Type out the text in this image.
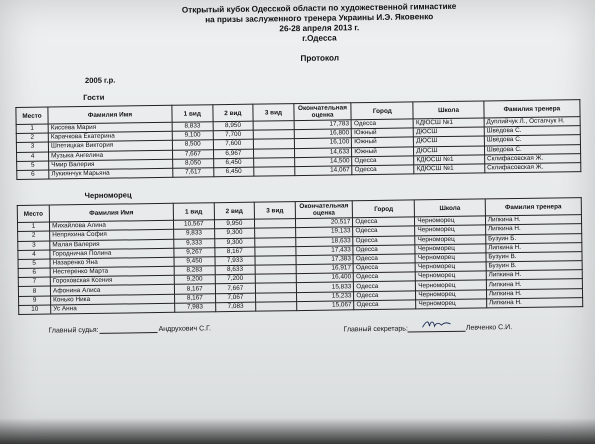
Открытый кубок Одесской области по художественной гимнастике
на призы заслуженного тренера Украины И.Э. Яковенко
26-28 апреля 2013 г.
г.Одесса
Протокол
2005 г.р.
Гости
Место	Фамилия Имя	1 вид	2 вид	3 вид	Окончательная
оценка	Город	Школа	Фамилия тренера
1	Киссева Мария	8,833	8,950		17,783	Одесса	КДЮСШ №1	Дуплийчук Л., Остапчук Н.
2	Карачкова Екатерина	9,100	7,700		16,800	Южный	ДЮСШ	Шведова С.
3	Шпетицкая Виктория	8,500	7,600		16,100	Южный	ДЮСШ	Шведова С.
4	Музыка Ангелина	7,667	6,967		14,633	Южный	ДЮСШ	Шведова С.
5	Чмир Валерия	8,050	6,450		14,500	Одесса	КДЮСШ №1	Склифасовская Ж.
6	Лукиянчук Марьяна	7,617	6,450		14,067	Одесса	КДЮСШ №1	Склифасовская Ж.
Черноморец
Место	Фамилия Имя	1 вид	2 вид	3 вид	Окончательная
оценка	Город	Школа	Фамилия тренера
1	Михайлова Алина	10,567	9,950		20,517	Одесса	Черноморец	Липкина Н.
2	Непряхина София	9,833	9,300		19,133	Одесса	Черноморец	Липкина Н.
3	Малая Валерия	9,333	9,300		18,633	Одесса	Черноморец	Бузуин Б.
4	Городничая Полина	9,267	8,167		17,433	Одесса	Черноморец	Липкина Н.
5	Назаренко Яна	9,450	7,933		17,383	Одесса	Черноморец	Бузуин В.
6	Нестеренко Марта	8,283	8,633		16,917	Одесса	Черноморец	Бузуин В.
7	Гороховская Ксения	9,200	7,200		16,400	Одесса	Черноморец	Липкина Н.
8	Афонина Алиса	8,167	7,667		15,833	Одесса	Черноморец	Липкина Н.
9	Конько Ника	8,167	7,067		15,233	Одесса	Черноморец	Липкина Н.
10	Ус Анна	7,983	7,083		15,067	Одесса	Черноморец	Липкина Н.
Главный судья:	Андрухович С.Г.	Главный секретарь:	Левченко С.И.
